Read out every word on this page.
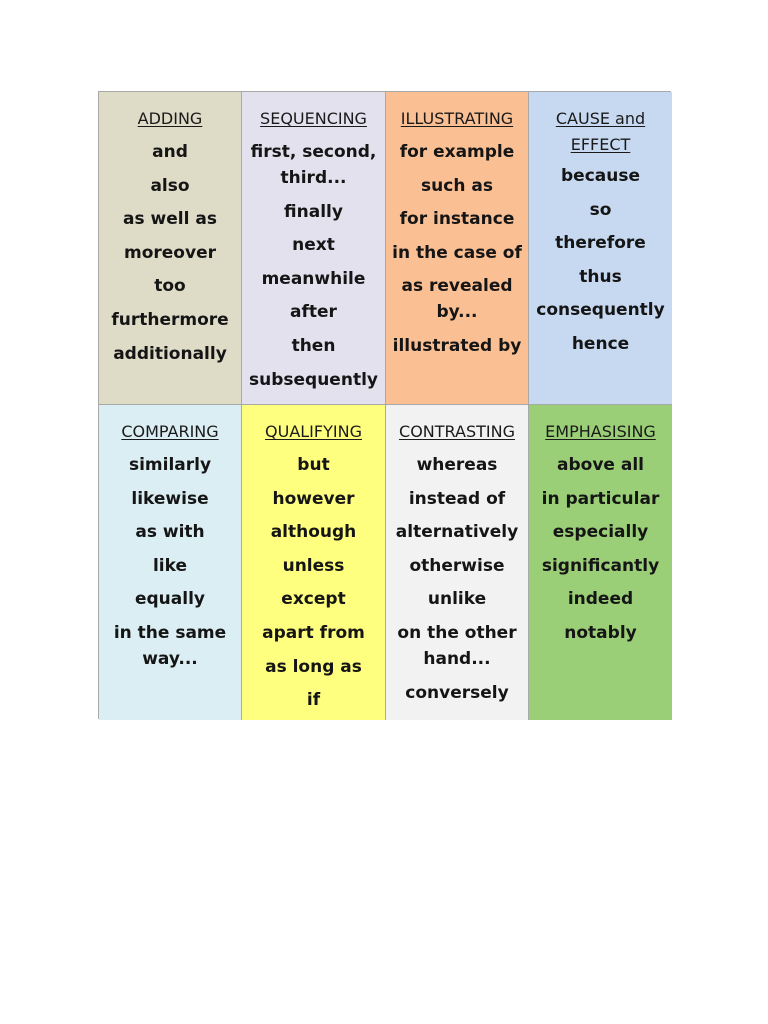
ADDING
and
also
as well as
moreover
too
furthermore
additionally
SEQUENCING
first, second, third...
finally
next
meanwhile
after
then
subsequently
ILLUSTRATING
for example
such as
for instance
in the case of
as revealed by...
illustrated by
CAUSE and EFFECT
because
so
therefore
thus
consequently
hence
COMPARING
similarly
likewise
as with
like
equally
in the same way...
QUALIFYING
but
however
although
unless
except
apart from
as long as
if
CONTRASTING
whereas
instead of
alternatively
otherwise
unlike
on the other hand...
conversely
EMPHASISING
above all
in particular
especially
significantly
indeed
notably
